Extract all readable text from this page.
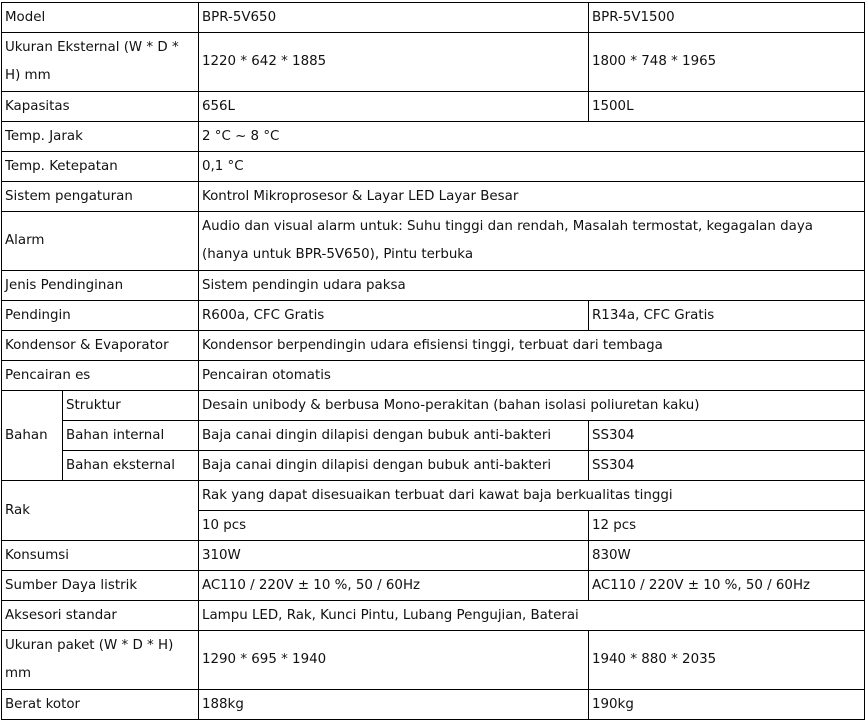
Model		BPR-5V650	BPR-5V1500
Ukuran Eksternal (W * D * H) mm		1220 * 642 * 1885	1800 * 748 * 1965
Kapasitas		656L	1500L
Temp. Jarak		2 °C ~ 8 °C	
Temp. Ketepatan		0,1 °C	
Sistem pengaturan		Kontrol Mikroprosesor & Layar LED Layar Besar	
Alarm		Audio dan visual alarm untuk: Suhu tinggi dan rendah, Masalah termostat, kegagalan daya (hanya untuk BPR-5V650), Pintu terbuka	
Jenis Pendinginan		Sistem pendingin udara paksa	
Pendingin		R600a, CFC Gratis	R134a, CFC Gratis
Kondensor & Evaporator		Kondensor berpendingin udara efisiensi tinggi, terbuat dari tembaga	
Pencairan es		Pencairan otomatis	
Bahan	Struktur	Desain unibody & berbusa Mono-perakitan (bahan isolasi poliuretan kaku)	
	Bahan internal	Baja canai dingin dilapisi dengan bubuk anti-bakteri	SS304
	Bahan eksternal	Baja canai dingin dilapisi dengan bubuk anti-bakteri	SS304
Rak		Rak yang dapat disesuaikan terbuat dari kawat baja berkualitas tinggi	
		10 pcs	12 pcs
Konsumsi		310W	830W
Sumber Daya listrik		AC110 / 220V ± 10 %, 50 / 60Hz	AC110 / 220V ± 10 %, 50 / 60Hz
Aksesori standar		Lampu LED, Rak, Kunci Pintu, Lubang Pengujian, Baterai	
Ukuran paket (W * D * H) mm		1290 * 695 * 1940	1940 * 880 * 2035
Berat kotor		188kg	190kg
